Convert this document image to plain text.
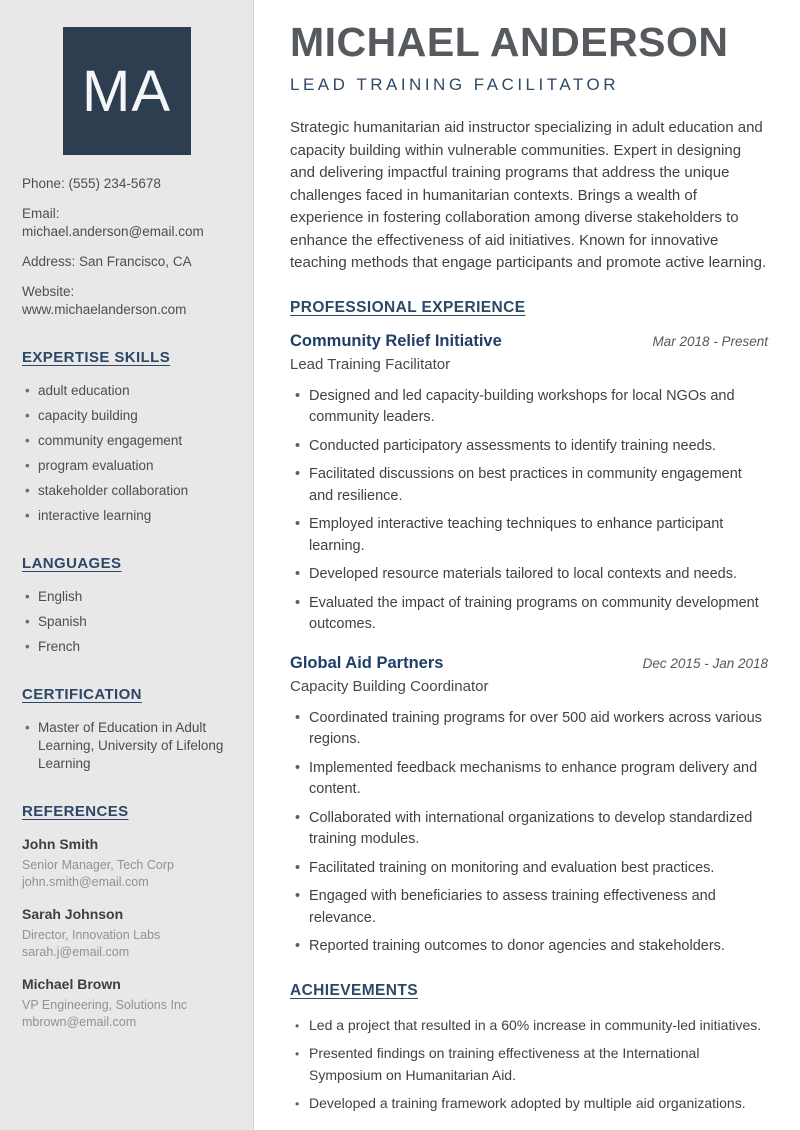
MA

Phone: (555) 234-5678

Email: michael.anderson@email.com

Address: San Francisco, CA

Website: www.michaelanderson.com

EXPERTISE SKILLS
• adult education
• capacity building
• community engagement
• program evaluation
• stakeholder collaboration
• interactive learning
LANGUAGES
• English
• Spanish
• French
CERTIFICATION
• Master of Education in Adult Learning, University of Lifelong Learning
REFERENCES

John Smith

Senior Manager, Tech Corp

john.smith@email.com

Sarah Johnson

Director, Innovation Labs

sarah.j@email.com

Michael Brown

VP Engineering, Solutions Inc

mbrown@email.com

MICHAEL ANDERSON
LEAD TRAINING FACILITATOR

Strategic humanitarian aid instructor specializing in adult education and capacity building within vulnerable communities. Expert in designing and delivering impactful training programs that address the unique challenges faced in humanitarian contexts. Brings a wealth of experience in fostering collaboration among diverse stakeholders to enhance the effectiveness of aid initiatives. Known for innovative teaching methods that engage participants and promote active learning.

PROFESSIONAL EXPERIENCE
Community Relief Initiative	Mar 2018 - Present

Lead Training Facilitator

• Designed and led capacity-building workshops for local NGOs and community leaders.
• Conducted participatory assessments to identify training needs.
• Facilitated discussions on best practices in community engagement and resilience.
• Employed interactive teaching techniques to enhance participant learning.
• Developed resource materials tailored to local contexts and needs.
• Evaluated the impact of training programs on community development outcomes.
Global Aid Partners	Dec 2015 - Jan 2018

Capacity Building Coordinator

• Coordinated training programs for over 500 aid workers across various regions.
• Implemented feedback mechanisms to enhance program delivery and content.
• Collaborated with international organizations to develop standardized training modules.
• Facilitated training on monitoring and evaluation best practices.
• Engaged with beneficiaries to assess training effectiveness and relevance.
• Reported training outcomes to donor agencies and stakeholders.
ACHIEVEMENTS
• Led a project that resulted in a 60% increase in community-led initiatives.
• Presented findings on training effectiveness at the International Symposium on Humanitarian Aid.
• Developed a training framework adopted by multiple aid organizations.
